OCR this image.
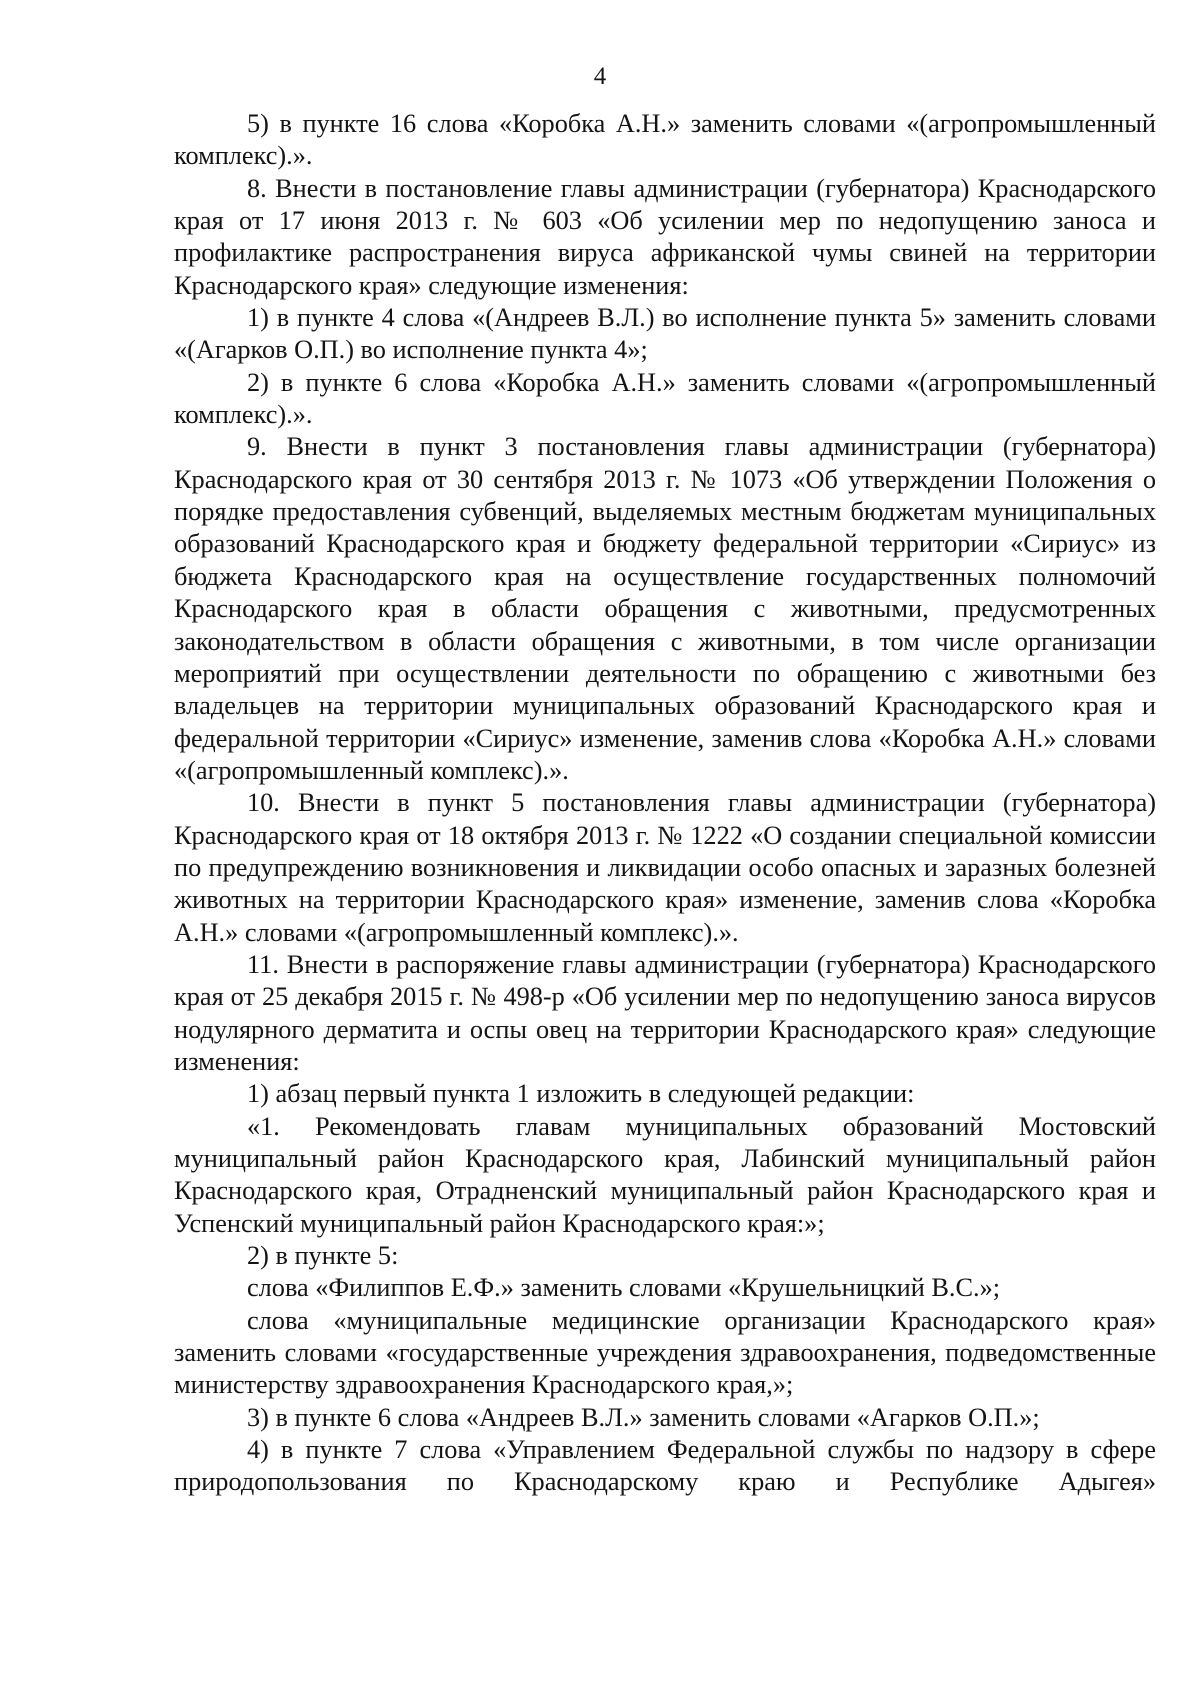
4

5) в пункте 16 слова «Коробка А.Н.» заменить словами «(агропромышленный комплекс).».

8. Внести в постановление главы администрации (губернатора) Краснодарского края от 17 июня 2013 г. № 603 «Об усилении мер по недопущению заноса и профилактике распространения вируса африканской чумы свиней на территории Краснодарского края» следующие изменения:

1) в пункте 4 слова «(Андреев В.Л.) во исполнение пункта 5» заменить словами «(Агарков О.П.) во исполнение пункта 4»;

2) в пункте 6 слова «Коробка А.Н.» заменить словами «(агропромышленный комплекс).».

9. Внести в пункт 3 постановления главы администрации (губернатора) Краснодарского края от 30 сентября 2013 г. № 1073 «Об утверждении Положения о порядке предоставления субвенций, выделяемых местным бюджетам муниципальных образований Краснодарского края и бюджету федеральной территории «Сириус» из бюджета Краснодарского края на осуществление государственных полномочий Краснодарского края в области обращения с животными, предусмотренных законодательством в области обращения с животными, в том числе организации мероприятий при осуществлении деятельности по обращению с животными без владельцев на территории муниципальных образований Краснодарского края и федеральной территории «Сириус» изменение, заменив слова «Коробка А.Н.» словами «(агропромышленный комплекс).».

10. Внести в пункт 5 постановления главы администрации (губернатора) Краснодарского края от 18 октября 2013 г. № 1222 «О создании специальной комиссии по предупреждению возникновения и ликвидации особо опасных и заразных болезней животных на территории Краснодарского края» изменение, заменив слова «Коробка А.Н.» словами «(агропромышленный комплекс).».

11. Внести в распоряжение главы администрации (губернатора) Краснодарского края от 25 декабря 2015 г. № 498-р «Об усилении мер по недопущению заноса вирусов нодулярного дерматита и оспы овец на территории Краснодарского края» следующие изменения:

1) абзац первый пункта 1 изложить в следующей редакции:

«1. Рекомендовать главам муниципальных образований Мостовский муниципальный район Краснодарского края, Лабинский муниципальный район Краснодарского края, Отрадненский муниципальный район Краснодарского края и Успенский муниципальный район Краснодарского края:»;

2) в пункте 5:

слова «Филиппов Е.Ф.» заменить словами «Крушельницкий В.С.»;

слова «муниципальные медицинские организации Краснодарского края» заменить словами «государственные учреждения здравоохранения, подведомственные министерству здравоохранения Краснодарского края,»;

3) в пункте 6 слова «Андреев В.Л.» заменить словами «Агарков О.П.»;

4) в пункте 7 слова «Управлением Федеральной службы по надзору в сфере природопользования по Краснодарскому краю и Республике Адыгея»
